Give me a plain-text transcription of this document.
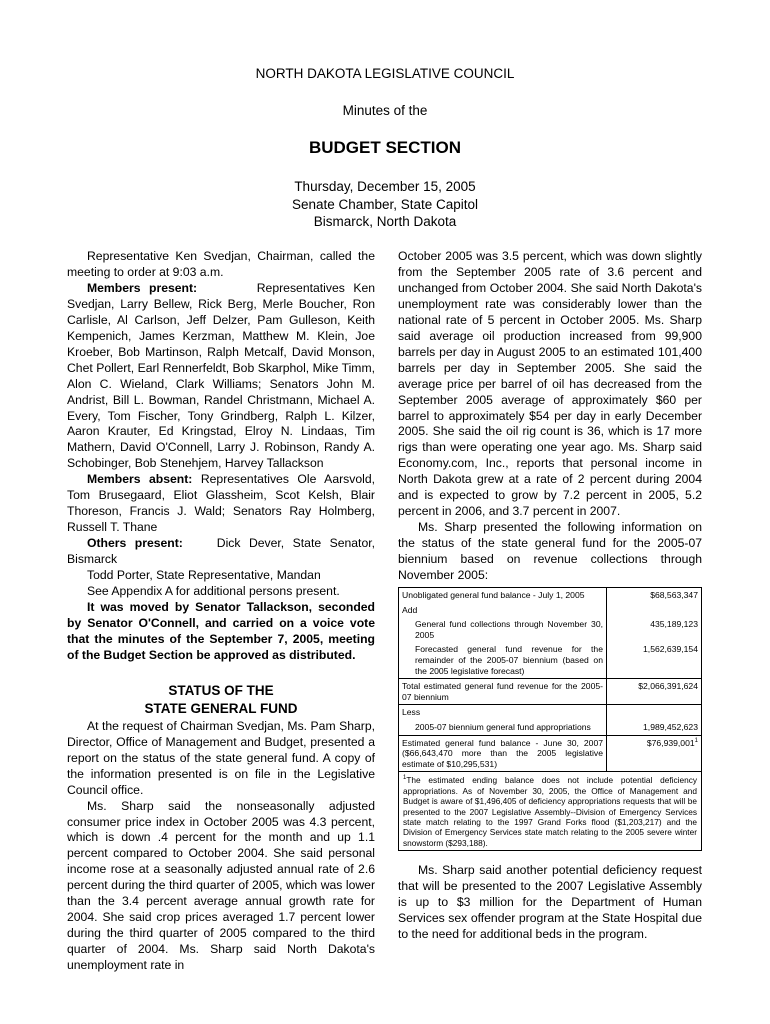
NORTH DAKOTA LEGISLATIVE COUNCIL
Minutes of the
BUDGET SECTION
Thursday, December 15, 2005
Senate Chamber, State Capitol
Bismarck, North Dakota

Representative Ken Svedjan, Chairman, called the meeting to order at 9:03 a.m.

Members present:	Representatives Ken Svedjan, Larry Bellew, Rick Berg, Merle Boucher, Ron Carlisle, Al Carlson, Jeff Delzer, Pam Gulleson, Keith Kempenich, James Kerzman, Matthew M. Klein, Joe Kroeber, Bob Martinson, Ralph Metcalf, David Monson, Chet Pollert, Earl Rennerfeldt, Bob Skarphol, Mike Timm, Alon C. Wieland, Clark Williams; Senators John M. Andrist, Bill L. Bowman, Randel Christmann, Michael A. Every, Tom Fischer, Tony Grindberg, Ralph L. Kilzer, Aaron Krauter, Ed Kringstad, Elroy N. Lindaas, Tim Mathern, David O'Connell, Larry J. Robinson, Randy A. Schobinger, Bob Stenehjem, Harvey Tallackson

Members absent: Representatives Ole Aarsvold, Tom Brusegaard, Eliot Glassheim, Scot Kelsh, Blair Thoreson, Francis J. Wald; Senators Ray Holmberg, Russell T. Thane

Others present:	Dick Dever, State Senator, Bismarck

Todd Porter, State Representative, Mandan

See Appendix A for additional persons present.

It was moved by Senator Tallackson, seconded by Senator O'Connell, and carried on a voice vote that the minutes of the September 7, 2005, meeting of the Budget Section be approved as distributed.

STATUS OF THE
STATE GENERAL FUND

At the request of Chairman Svedjan, Ms. Pam Sharp, Director, Office of Management and Budget, presented a report on the status of the state general fund. A copy of the information presented is on file in the Legislative Council office.

Ms. Sharp said the nonseasonally adjusted consumer price index in October 2005 was 4.3 percent, which is down .4 percent for the month and up 1.1 percent compared to October 2004. She said personal income rose at a seasonally adjusted annual rate of 2.6 percent during the third quarter of 2005, which was lower than the 3.4 percent average annual growth rate for 2004. She said crop prices averaged 1.7 percent lower during the third quarter of 2005 compared to the third quarter of 2004. Ms. Sharp said North Dakota's unemployment rate in

October 2005 was 3.5 percent, which was down slightly from the September 2005 rate of 3.6 percent and unchanged from October 2004. She said North Dakota's unemployment rate was considerably lower than the national rate of 5 percent in October 2005. Ms. Sharp said average oil production increased from 99,900 barrels per day in August 2005 to an estimated 101,400 barrels per day in September 2005. She said the average price per barrel of oil has decreased from the September 2005 average of approximately $60 per barrel to approximately $54 per day in early December 2005. She said the oil rig count is 36, which is 17 more rigs than were operating one year ago. Ms. Sharp said Economy.com, Inc., reports that personal income in North Dakota grew at a rate of 2 percent during 2004 and is expected to grow by 7.2 percent in 2005, 5.2 percent in 2006, and 3.7 percent in 2007.

Ms. Sharp presented the following information on the status of the state general fund for the 2005-07 biennium based on revenue collections through November 2005:

Unobligated general fund balance - July 1, 2005	$68,563,347
Add	
General fund collections through November 30, 2005	435,189,123
Forecasted general fund revenue for the remainder of the 2005-07 biennium (based on the 2005 legislative forecast)	1,562,639,154
Total estimated general fund revenue for the 2005-07 biennium	$2,066,391,624
Less	
2005-07 biennium general fund appropriations	1,989,452,623
Estimated general fund balance - June 30, 2007 ($66,643,470 more than the 2005 legislative estimate of $10,295,531)	$76,939,001$^1$
$^1$The estimated ending balance does not include potential deficiency appropriations. As of November 30, 2005, the Office of Management and Budget is aware of $1,496,405 of deficiency appropriations requests that will be presented to the 2007 Legislative Assembly--Division of Emergency Services state match relating to the 1997 Grand Forks flood ($1,203,217) and the Division of Emergency Services state match relating to the 2005 severe winter snowstorm ($293,188).

Ms. Sharp said another potential deficiency request that will be presented to the 2007 Legislative Assembly is up to $3 million for the Department of Human Services sex offender program at the State Hospital due to the need for additional beds in the program.
